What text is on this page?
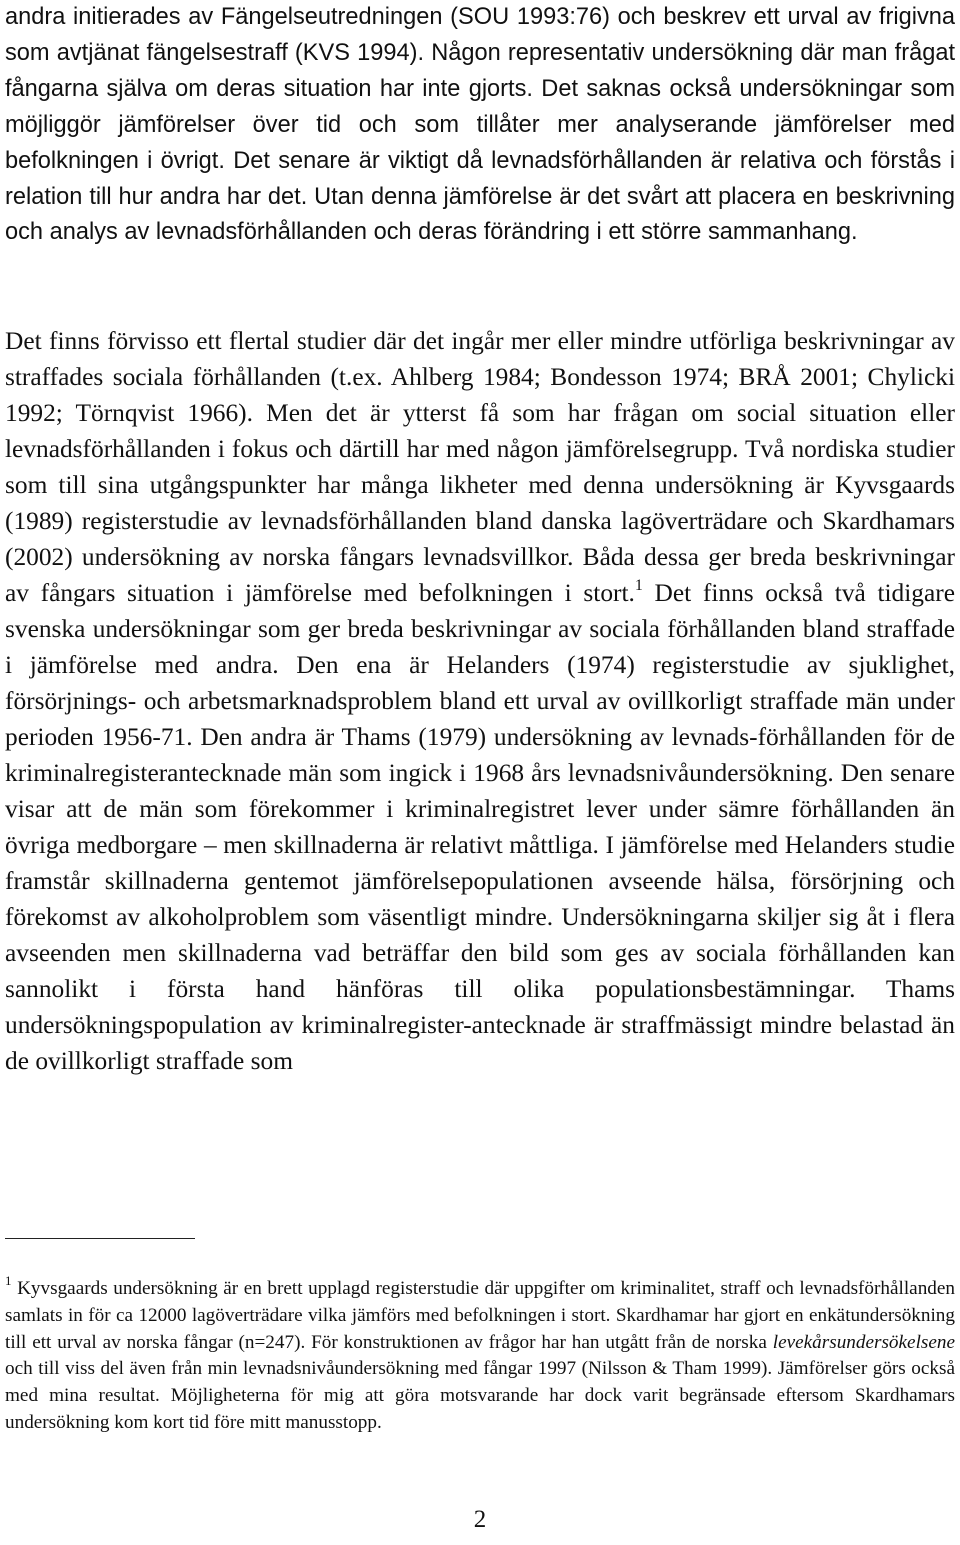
andra initierades av Fängelseutredningen (SOU 1993:76) och beskrev ett urval av frigivna som avtjänat fängelsestraff (KVS 1994). Någon representativ undersökning där man frågat fångarna själva om deras situation har inte gjorts. Det saknas också undersökningar som möjliggör jämförelser över tid och som tillåter mer analyserande jämförelser med befolkningen i övrigt. Det senare är viktigt då levnadsförhållanden är relativa och förstås i relation till hur andra har det. Utan denna jämförelse är det svårt att placera en beskrivning och analys av levnadsförhållanden och deras förändring i ett större sammanhang.

Det finns förvisso ett flertal studier där det ingår mer eller mindre utförliga beskrivningar av straffades sociala förhållanden (t.ex. Ahlberg 1984; Bondesson 1974; BRÅ 2001; Chylicki 1992; Törnqvist 1966). Men det är ytterst få som har frågan om social situation eller levnadsförhållanden i fokus och därtill har med någon jämförelsegrupp. Två nordiska studier som till sina utgångspunkter har många likheter med denna undersökning är Kyvsgaards (1989) registerstudie av levnadsförhållanden bland danska lagöverträdare och Skardhamars (2002) undersökning av norska fångars levnadsvillkor. Båda dessa ger breda beskrivningar av fångars situation i jämförelse med befolkningen i stort.$^1$ Det finns också två tidigare svenska undersökningar som ger breda beskrivningar av sociala förhållanden bland straffade i jämförelse med andra. Den ena är Helanders (1974) registerstudie av sjuklighet, försörjnings- och arbetsmarknadsproblem bland ett urval av ovillkorligt straffade män under perioden 1956-71. Den andra är Thams (1979) undersökning av levnads-förhållanden för de kriminalregisterantecknade män som ingick i 1968 års levnadsnivåundersökning. Den senare visar att de män som förekommer i kriminalregistret lever under sämre förhållanden än övriga medborgare – men skillnaderna är relativt måttliga. I jämförelse med Helanders studie framstår skillnaderna gentemot jämförelsepopulationen avseende hälsa, försörjning och förekomst av alkoholproblem som väsentligt mindre. Undersökningarna skiljer sig åt i flera avseenden men skillnaderna vad beträffar den bild som ges av sociala förhållanden kan sannolikt i första hand hänföras till olika populationsbestämningar. Thams undersökningspopulation av kriminalregister-antecknade är straffmässigt mindre belastad än de ovillkorligt straffade som

$^1$ Kyvsgaards undersökning är en brett upplagd registerstudie där uppgifter om kriminalitet, straff och levnadsförhållanden samlats in för ca 12000 lagöverträdare vilka jämförs med befolkningen i stort. Skardhamar har gjort en enkätundersökning till ett urval av norska fångar (n=247). För konstruktionen av frågor har han utgått från de norska levekårsundersökelsene och till viss del även från min levnadsnivåundersökning med fångar 1997 (Nilsson & Tham 1999). Jämförelser görs också med mina resultat. Möjligheterna för mig att göra motsvarande har dock varit begränsade eftersom Skardhamars undersökning kom kort tid före mitt manusstopp.

2
